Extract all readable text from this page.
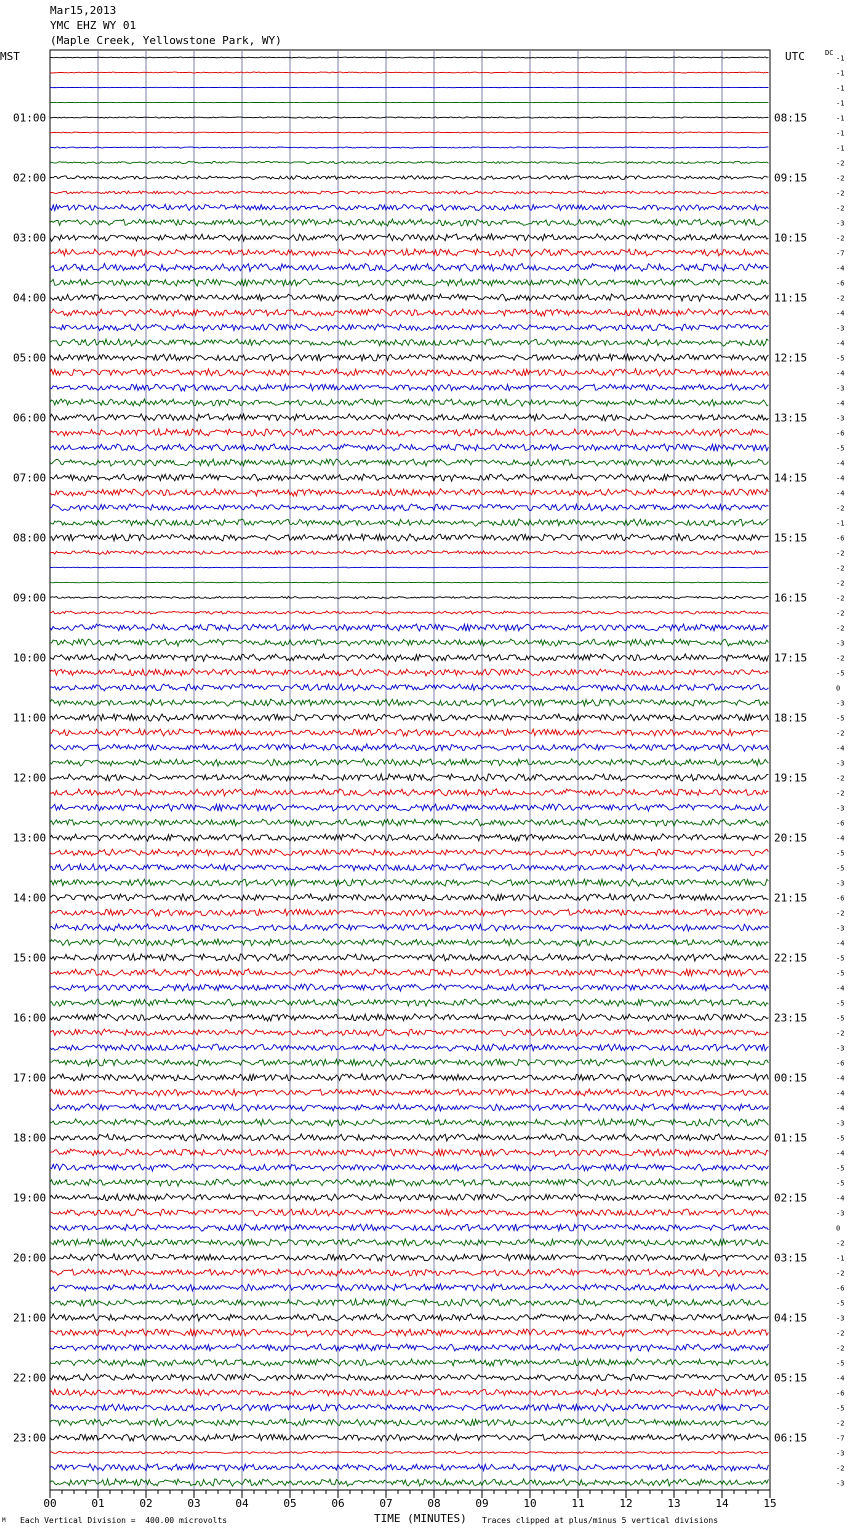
Mar15,2013
YMC EHZ WY 01
(Maple Creek, Yellowstone Park, WY)
MST	UTC	DC
-1
-1
-1
-1
-1
-1
-1
-2
-2
-2
-2
-3
-2
-7
-4
-6
-2
-4
-3
-4
-5
-4
-3
-4
-3
-6
-5
-4
-4
-4
-2
-1
-6
-2
-2
-2
-2
-2
-2
-3
-2
-5
0
-3
-5
-2
-4
-3
-2
-2
-3
-6
-4
-5
-5
-3
-6
-2
-3
-4
-5
-5
-4
-5
-5
-2
-3
-6
-4
-4
-4
-3
-5
-4
-5
-5
-4
-3
0
-2
-1
-2
-6
-5
-3
-2
-2
-5
-4
-6
-5
-2
-7
-3
-2
-3
01:00	08:15
02:00	09:15
03:00	10:15
04:00	11:15
05:00	12:15
06:00	13:15
07:00	14:15
08:00	15:15
09:00	16:15
10:00	17:15
11:00	18:15
12:00	19:15
13:00	20:15
14:00	21:15
15:00	22:15
16:00	23:15
17:00	00:15
18:00	01:15
19:00	02:15
20:00	03:15
21:00	04:15
22:00	05:15
23:00	06:15
00	01	02	03	04	05	06	07	08	09	10	11	12	13	14	15
M Each Vertical Division =  400.00 microvolts	TIME (MINUTES) Traces clipped at plus/minus 5 vertical divisions
